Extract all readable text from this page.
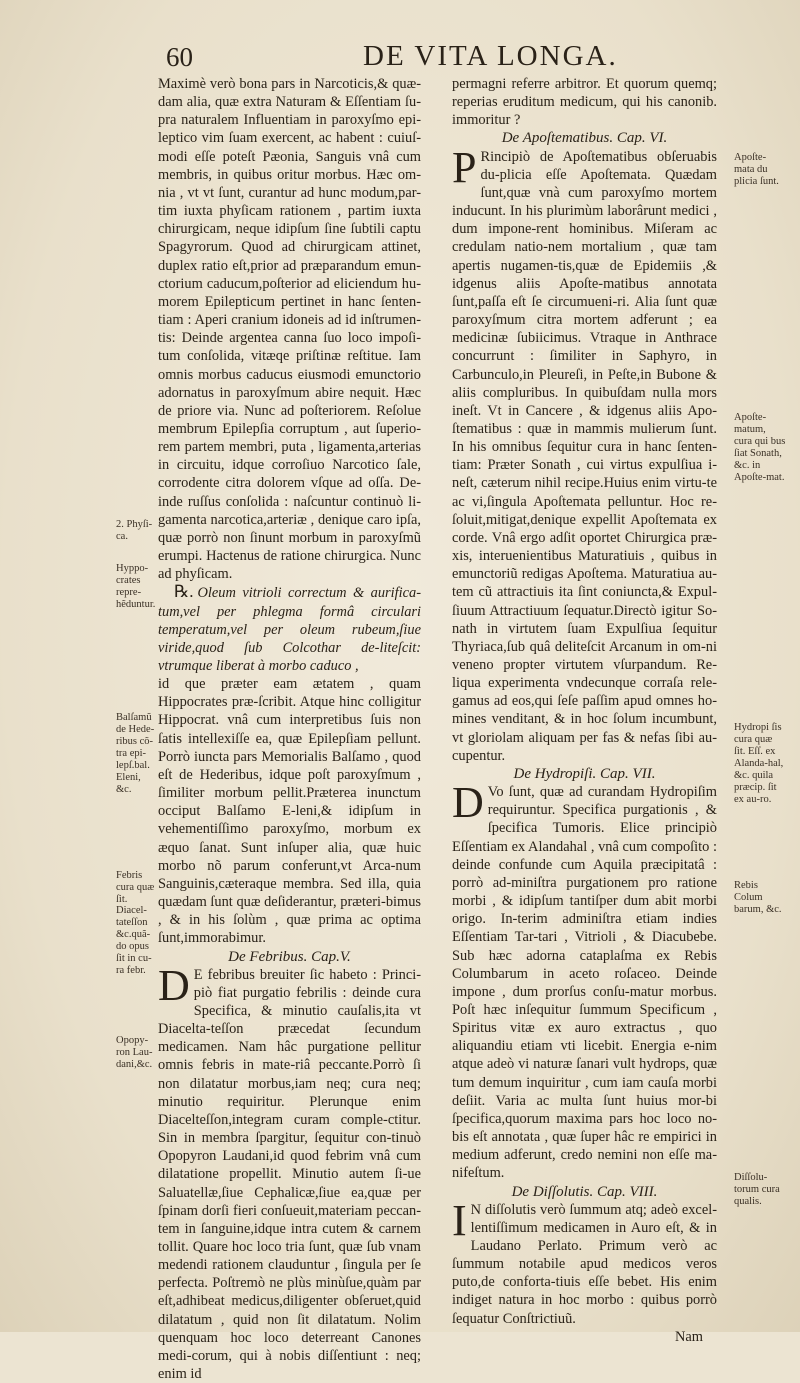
60	DE VITA LONGA.
2. Phyſi-ca.
Hyppo-crates repre-hẽduntur.
Balſamũ de Hede-ribus cõ-tra epi-lepſ.bal. Eleni, &c.
Febris cura quæ ſit.
Diacel-tateſſon &c.quã-do opus ſit in cu-ra febr.
Opopy-ron Lau-dani,&c.
Apoſte-mata du plicia ſunt.
Apoſte-matum, cura qui bus ſiat Sonath, &c. in Apoſte-mat.
Hydropi ſis cura quæ ſit. Eſſ. ex Alanda-hal, &c. quila præcip. ſit ex au-ro.
Rebis Colum barum, &c.
Diſſolu-torum cura qualis.

Maximè verò bona pars in Narcoticis,& quæ-dam alia, quæ extra Naturam & Eſſentiam ſu-pra naturalem Influentiam in paroxyſmo epi-leptico vim ſuam exercent, ac habent : cuiuſ-modi eſſe poteſt Pæonia, Sanguis vnâ cum membris, in quibus oritur morbus. Hæc om-nia , vt vt ſunt, curantur ad hunc modum,par-tim iuxta phyſicam rationem , partim iuxta chirurgicam, neque idipſum ſine ſubtili captu Spagyrorum. Quod ad chirurgicam attinet, duplex ratio eſt,prior ad præparandum emun-ctorium caducum,poſterior ad eliciendum hu-morem Epilepticum pertinet in hanc ſenten-tiam : Aperi cranium idoneis ad id inſtrumen-tis: Deinde argentea canna ſuo loco impoſi-tum conſolida, vitæqe priſtinæ reſtitue. Iam omnis morbus caducus eiusmodi emunctorio adornatus in paroxyſmum abire nequit. Hæc de priore via. Nunc ad poſteriorem. Reſolue membrum Epilepſia corruptum , aut ſuperio-rem partem membri, puta , ligamenta,arterias in circuitu, idque corroſiuo Narcotico ſale, corrodente citra dolorem vſque ad oſſa. De-inde ruſſus conſolida : naſcuntur continuò li-gamenta narcotica,arteriæ , denique caro ipſa, quæ porrò non ſinunt morbum in paroxyſmũ erumpi. Hactenus de ratione chirurgica. Nunc ad phyſicam.

℞. Oleum vitrioli correctum & aurifica-tum,vel per phlegma formâ circulari temperatum,vel per oleum rubeum,ſiue viride,quod ſub Colcothar de-liteſcit: vtrumque liberat à morbo caduco ,

id que præter eam ætatem , quam Hippocrates præ-ſcribit. Atque hinc colligitur Hippocrat. vnâ cum interpretibus ſuis non ſatis intellexiſſe ea, quæ Epilepſiam pellunt. Porrò iuncta pars Memorialis Balſamo , quod eſt de Hederibus, idque poſt paroxyſmum , ſimiliter morbum pellit.Præterea inunctum occiput Balſamo E-leni,& idipſum in vehementiſſimo paroxyſmo, morbum ex æquo ſanat. Sunt inſuper alia, quæ huic morbo nõ parum conferunt,vt Arca-num Sanguinis,cæteraque membra. Sed illa, quia quædam ſunt quæ deſiderantur, præteri-bimus , & in his ſolùm , quæ prima ac optima ſunt,immorabimur.

De Febribus. Cap.V.

DE febribus breuiter ſic habeto : Princi-piò fiat purgatio febrilis : deinde cura Specifica, & minutio cauſalis,ita vt Diacelta-teſſon præcedat ſecundum medicamen. Nam hâc purgatione pellitur omnis febris in mate-riâ peccante.Porrò ſi non dilatatur morbus,iam neq; cura neq; minutio requiritur. Plerunque enim Diacelteſſon,integram curam comple-ctitur. Sin in membra ſpargitur, ſequitur con-tinuò Opopyron Laudani,id quod febrim vnâ cum dilatatione propellit. Minutio autem ſi-ue Saluatellæ,ſiue Cephalicæ,ſiue ea,quæ per ſpinam dorſi fieri conſueuit,materiam peccan-tem in ſanguine,idque intra cutem & carnem tollit. Quare hoc loco tria ſunt, quæ ſub vnam medendi rationem clauduntur , ſingula per ſe perfecta. Poſtremò ne plùs minùſue,quàm par eſt,adhibeat medicus,diligenter obſeruet,quid dilatatum , quid non ſit dilatatum. Nolim quenquam hoc loco deterreant Canones medi-corum, qui à nobis diſſentiunt : neq; enim id

permagni referre arbitror. Et quorum quemq; reperias eruditum medicum, qui his canonib. immoritur ?

De Apoſtematibus. Cap. VI.

PRincipiò de Apoſtematibus obſeruabis du-plicia eſſe Apoſtemata. Quædam ſunt,quæ vnà cum paroxyſmo mortem inducunt. In his plurimùm laborârunt medici , dum impone-rent hominibus. Miſeram ac credulam natio-nem mortalium , quæ tam apertis nugamen-tis,quæ de Epidemiis ,& idgenus aliis Apoſte-matibus annotata ſunt,paſſa eſt ſe circumueni-ri. Alia ſunt quæ paroxyſmum citra mortem adferunt ; ea medicinæ ſubiicimus. Vtraque in Anthrace concurrunt : ſimiliter in Saphyro, in Carbunculo,in Pleureſi, in Peſte,in Bubone & aliis compluribus. In quibuſdam nulla mors ineſt. Vt in Cancere , & idgenus aliis Apo-ſtematibus : quæ in mammis mulierum ſunt. In his omnibus ſequitur cura in hanc ſenten-tiam: Præter Sonath , cui virtus expulſiua i-neſt, cæterum nihil recipe.Huius enim virtu-te ac vi,ſingula Apoſtemata pelluntur. Hoc re-ſoluit,mitigat,denique expellit Apoſtemata ex corde. Vnâ ergo adſit oportet Chirurgica præ-xis, interuenientibus Maturatiuis , quibus in emunctoriũ redigas Apoſtema. Maturatiua au-tem cũ attractiuis ita ſint coniuncta,& Expul-ſiuum Attractiuum ſequatur.Directò igitur So-nath in virtutem ſuam Expulſiua ſequitur Thyriaca,ſub quâ deliteſcit Arcanum in om-ni veneno propter virtutem vſurpandum. Re-liqua experimenta vndecunque corraſa rele-gamus ad eos,qui ſeſe paſſim apud omnes ho-mines venditant, & in hoc ſolum incumbunt, vt gloriolam aliquam per fas & nefas ſibi au-cupentur.

De Hydropiſi. Cap. VII.

DVo ſunt, quæ ad curandam Hydropiſim requiruntur. Specifica purgationis , & ſpecifica Tumoris. Elice principiò Eſſentiam ex Alandahal , vnâ cum compoſito : deinde confunde cum Aquila præcipitatâ : porrò ad-miniſtra purgationem pro ratione morbi , & idipſum tantiſper dum abit morbi origo. In-terim adminiſtra etiam indies Eſſentiam Tar-tari , Vitrioli , & Diacubebe. Sub hæc adorna cataplaſma ex Rebis Columbarum in aceto roſaceo. Deinde impone , dum prorſus conſu-matur morbus. Poſt hæc inſequitur ſummum Specificum , Spiritus vitæ ex auro extractus , quo aliquandiu etiam vti licebit. Energia e-nim atque adeò vi naturæ ſanari vult hydrops, quæ tum demum inquiritur , cum iam cauſa morbi deſiit. Varia ac multa ſunt huius mor-bi ſpecifica,quorum maxima pars hoc loco no-bis eſt annotata , quæ ſuper hâc re empirici in medium adferunt, credo nemini non eſſe ma-nifeſtum.

De Diſſolutis. Cap. VIII.

IN diſſolutis verò ſummum atq; adeò excel-lentiſſimum medicamen in Auro eſt, & in Laudano Perlato. Primum verò ac ſummum notabile apud medicos veros puto,de conforta-tiuis eſſe bebet. His enim indiget natura in hoc morbo : quibus porrò ſequatur Conſtrictiuũ.

Nam
